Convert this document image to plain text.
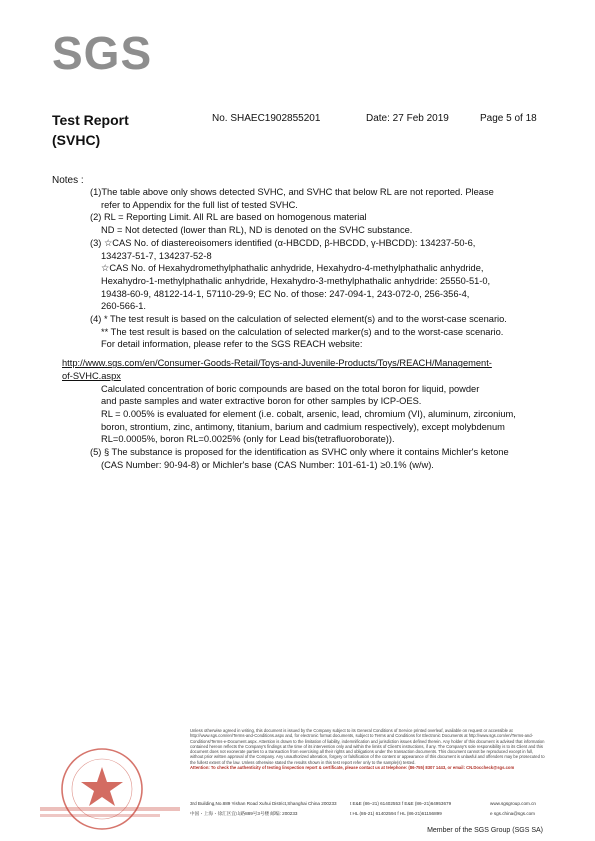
SGS
Test Report
(SVHC)
No. SHAEC1902855201	Date: 27 Feb 2019	Page 5 of 18
Notes :

(1)The table above only shows detected SVHC, and SVHC that below RL are not reported. Please

refer to Appendix for the full list of tested SVHC.

(2) RL = Reporting Limit. All RL are based on homogenous material

ND = Not detected (lower than RL), ND is denoted on the SVHC substance.

(3) ☆CAS No. of diastereoisomers identified (α-HBCDD, β-HBCDD, γ-HBCDD): 134237-50-6,

134237-51-7, 134237-52-8

☆CAS No. of Hexahydromethylphathalic anhydride, Hexahydro-4-methylphathalic anhydride,

Hexahydro-1-methylphathalic anhydride, Hexahydro-3-methylphathalic anhydride: 25550-51-0,

19438-60-9, 48122-14-1, 57110-29-9; EC No. of those: 247-094-1, 243-072-0, 256-356-4,

260-566-1.

(4) * The test result is based on the calculation of selected element(s) and to the worst-case scenario.

** The test result is based on the calculation of selected marker(s) and to the worst-case scenario.

For detail information, please refer to the SGS REACH website:

http://www.sgs.com/en/Consumer-Goods-Retail/Toys-and-Juvenile-Products/Toys/REACH/Management-

of-SVHC.aspx

Calculated concentration of boric compounds are based on the total boron for liquid, powder

and paste samples and water extractive boron for other samples by ICP-OES.

RL = 0.005% is evaluated for element (i.e. cobalt, arsenic, lead, chromium (VI), aluminum, zirconium,

boron, strontium, zinc, antimony, titanium, barium and cadmium respectively), except molybdenum

RL=0.0005%, boron RL=0.0025% (only for Lead bis(tetrafluoroborate)).

(5) § The substance is proposed for the identification as SVHC only where it contains Michler's ketone

(CAS Number: 90-94-8) or Michler's base (CAS Number: 101-61-1) ≥0.1% (w/w).

Unless otherwise agreed in writing, this document is issued by the Company subject to its General Conditions of Service printed overleaf, available on request or accessible at http://www.sgs.com/en/Terms-and-Conditions.aspx and, for electronic format documents, subject to Terms and Conditions for Electronic Documents at http://www.sgs.com/en/Terms-and-Conditions/Terms-e-Document.aspx. Attention is drawn to the limitation of liability, indemnification and jurisdiction issues defined therein. Any holder of this document is advised that information contained hereon reflects the Company's findings at the time of its intervention only and within the limits of Client's instructions, if any. The Company's sole responsibility is to its Client and this document does not exonerate parties to a transaction from exercising all their rights and obligations under the transaction documents. This document cannot be reproduced except in full, without prior written approval of the Company. Any unauthorized alteration, forgery or falsification of the content or appearance of this document is unlawful and offenders may be prosecuted to the fullest extent of the law. Unless otherwise stated the results shown in this test report refer only to the sample(s) tested.
Attention: To check the authenticity of testing /inspection report & certificate, please contact us at telephone: (86-755) 8307 1443, or email: CN.Doccheck@sgs.com
3rd Building,No.889 Yishan Road Xuhui District,Shanghai China 200233	t E&E (86–21) 61402553 f E&E (86–21)64953679	www.sgsgroup.com.cn
中国・上海・徐汇区宜山路889号3号楼 邮编: 200233	t HL (86-21) 61402594 f HL (86-21)61156899	e sgs.china@sgs.com
Member of the SGS Group (SGS SA)
